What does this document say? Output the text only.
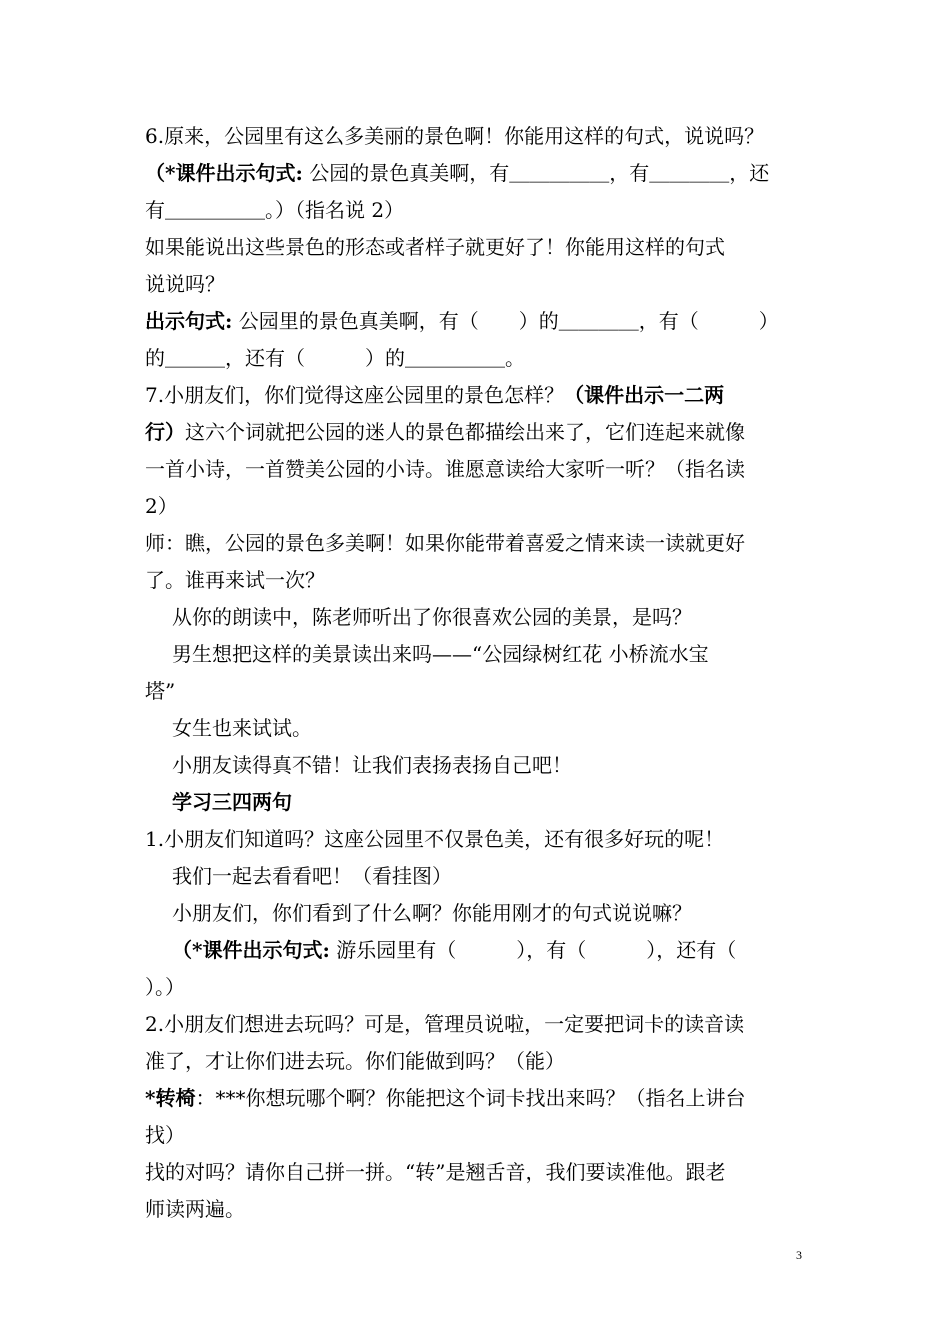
6.原来，公园里有这么多美丽的景色啊！你能用这样的句式，说说吗？
（*课件出示句式: 公园的景色真美啊，有＿＿＿＿＿，有＿＿＿＿，还
有＿＿＿＿＿。）（指名说 2）
如果能说出这些景色的形态或者样子就更好了！你能用这样的句式
说说吗？
出示句式: 公园里的景色真美啊，有（　　）的＿＿＿＿，有（　　　）
的＿＿＿，还有（　　　）的＿＿＿＿＿。
7.小朋友们，你们觉得这座公园里的景色怎样？（课件出示一二两
行）这六个词就把公园的迷人的景色都描绘出来了，它们连起来就像
一首小诗，一首赞美公园的小诗。谁愿意读给大家听一听？（指名读
2）
师：瞧，公园的景色多美啊！如果你能带着喜爱之情来读一读就更好
了。谁再来试一次？
从你的朗读中，陈老师听出了你很喜欢公园的美景，是吗？
男生想把这样的美景读出来吗——“公园绿树红花 小桥流水宝
塔”
女生也来试试。
小朋友读得真不错！让我们表扬表扬自己吧！
学习三四两句
1.小朋友们知道吗？这座公园里不仅景色美，还有很多好玩的呢！
我们一起去看看吧！（看挂图）
小朋友们，你们看到了什么啊？你能用刚才的句式说说嘛？
（*课件出示句式: 游乐园里有（　　　），有（　　　），还有（
）。）
2.小朋友们想进去玩吗？可是，管理员说啦，一定要把词卡的读音读
准了，才让你们进去玩。你们能做到吗？（能）
*转椅：***你想玩哪个啊？你能把这个词卡找出来吗？（指名上讲台
找）
找的对吗？请你自己拼一拼。“转”是翘舌音，我们要读准他。跟老
师读两遍。
3
